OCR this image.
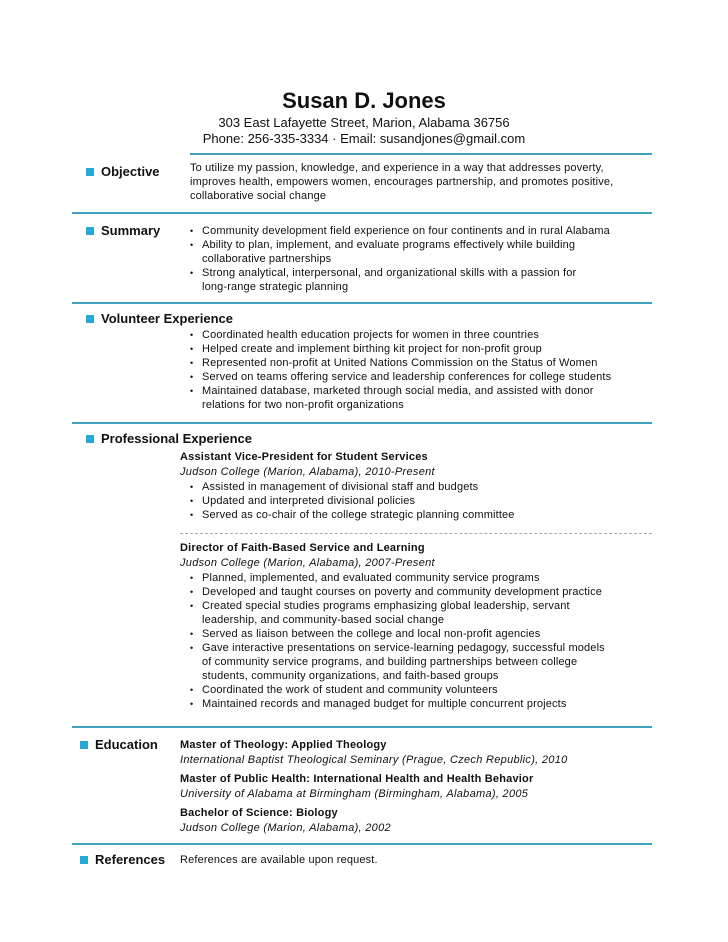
Susan D. Jones
303 East Lafayette Street, Marion, Alabama 36756
Phone: 256-335-3334 · Email: susandjones@gmail.com
Objective	To utilize my passion, knowledge, and experience in a way that addresses poverty,
improves health, empowers women, encourages partnership, and promotes positive,
collaborative social change
Summary
•	Community development field experience on four continents and in rural Alabama
• Ability to plan, implement, and evaluate programs effectively while building
collaborative partnerships
• Strong analytical, interpersonal, and organizational skills with a passion for
long-range strategic planning
Volunteer Experience
• Coordinated health education projects for women in three countries
• Helped create and implement birthing kit project for non-profit group
• Represented non-profit at United Nations Commission on the Status of Women
• Served on teams offering service and leadership conferences for college students
• Maintained database, marketed through social media, and assisted with donor
relations for two non-profit organizations
Professional Experience
Assistant Vice-President for Student Services
Judson College (Marion, Alabama), 2010-Present
• Assisted in management of divisional staff and budgets
• Updated and interpreted divisional policies
• Served as co-chair of the college strategic planning committee
Director of Faith-Based Service and Learning
Judson College (Marion, Alabama), 2007-Present
• Planned, implemented, and evaluated community service programs
• Developed and taught courses on poverty and community development practice
• Created special studies programs emphasizing global leadership, servant
leadership, and community-based social change
• Served as liaison between the college and local non-profit agencies
• Gave interactive presentations on service-learning pedagogy, successful models
of community service programs, and building partnerships between college
students, community organizations, and faith-based groups
• Coordinated the work of student and community volunteers
• Maintained records and managed budget for multiple concurrent projects
Education Master of Theology: Applied Theology
International Baptist Theological Seminary (Prague, Czech Republic), 2010
Master of Public Health: International Health and Health Behavior
University of Alabama at Birmingham (Birmingham, Alabama), 2005
Bachelor of Science: Biology
Judson College (Marion, Alabama), 2002
References References are available upon request.
